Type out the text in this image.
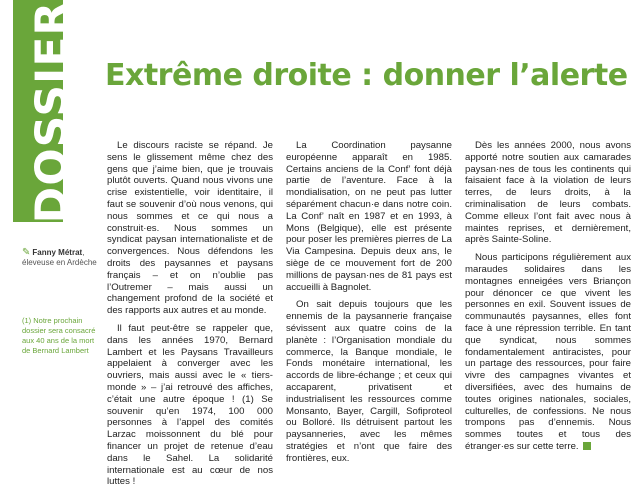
DOSSIER Extrême droite : donner l’alerte
✎ Fanny Métrat, éleveuse en Ardèche
(1) Notre prochain dossier sera consacré aux 40 ans de la mort de Bernard Lambert

Le discours raciste se répand. Je sens le glissement même chez des gens que j’aime bien, que je trouvais plutôt ouverts. Quand nous vivons une crise existentielle, voir identitaire, il faut se souvenir d’où nous venons, qui nous sommes et ce qui nous a construit·es. Nous sommes un syndicat paysan internationaliste et de convergences. Nous défendons les droits des paysannes et paysans français – et on n’oublie pas l’Outremer – mais aussi un changement profond de la société et des rapports aux autres et au monde.

Il faut peut-être se rappeler que, dans les années 1970, Bernard Lambert et les Paysans Travailleurs appelaient à converger avec les ouvriers, mais aussi avec le « tiers-monde » – j’ai retrouvé des affiches, c’était une autre époque ! (1) Se souvenir qu’en 1974, 100 000 personnes à l’appel des comités Larzac moissonnent du blé pour financer un projet de retenue d’eau dans le Sahel. La solidarité internationale est au cœur de nos luttes !

La Coordination paysanne européenne apparaît en 1985. Certains anciens de la Conf’ font déjà partie de l’aventure. Face à la mondialisation, on ne peut pas lutter séparément chacun·e dans notre coin. La Conf’ naît en 1987 et en 1993, à Mons (Belgique), elle est présente pour poser les premières pierres de La Via Campesina. Depuis deux ans, le siège de ce mouvement fort de 200 millions de paysan·nes de 81 pays est accueilli à Bagnolet.

On sait depuis toujours que les ennemis de la paysannerie française sévissent aux quatre coins de la planète : l’Organisation mondiale du commerce, la Banque mondiale, le Fonds monétaire international, les accords de libre-échange ; et ceux qui accaparent, privatisent et industrialisent les ressources comme Monsanto, Bayer, Cargill, Sofiproteol ou Bolloré. Ils détruisent partout les paysanneries, avec les mêmes stratégies et n’ont que faire des frontières, eux.

Dès les années 2000, nous avons apporté notre soutien aux camarades paysan·nes de tous les continents qui faisaient face à la violation de leurs terres, de leurs droits, à la criminalisation de leurs combats. Comme elleux l’ont fait avec nous à maintes reprises, et dernièrement, après Sainte-Soline.

Nous participons régulièrement aux maraudes solidaires dans les montagnes enneigées vers Briançon pour dénoncer ce que vivent les personnes en exil. Souvent issues de communautés paysannes, elles font face à une répression terrible. En tant que syndicat, nous sommes fondamentalement antiracistes, pour un partage des ressources, pour faire vivre des campagnes vivantes et diversifiées, avec des humains de toutes origines nationales, sociales, culturelles, de confessions. Ne nous trompons pas d’ennemis. Nous sommes toutes et tous des étranger·es sur cette terre.
